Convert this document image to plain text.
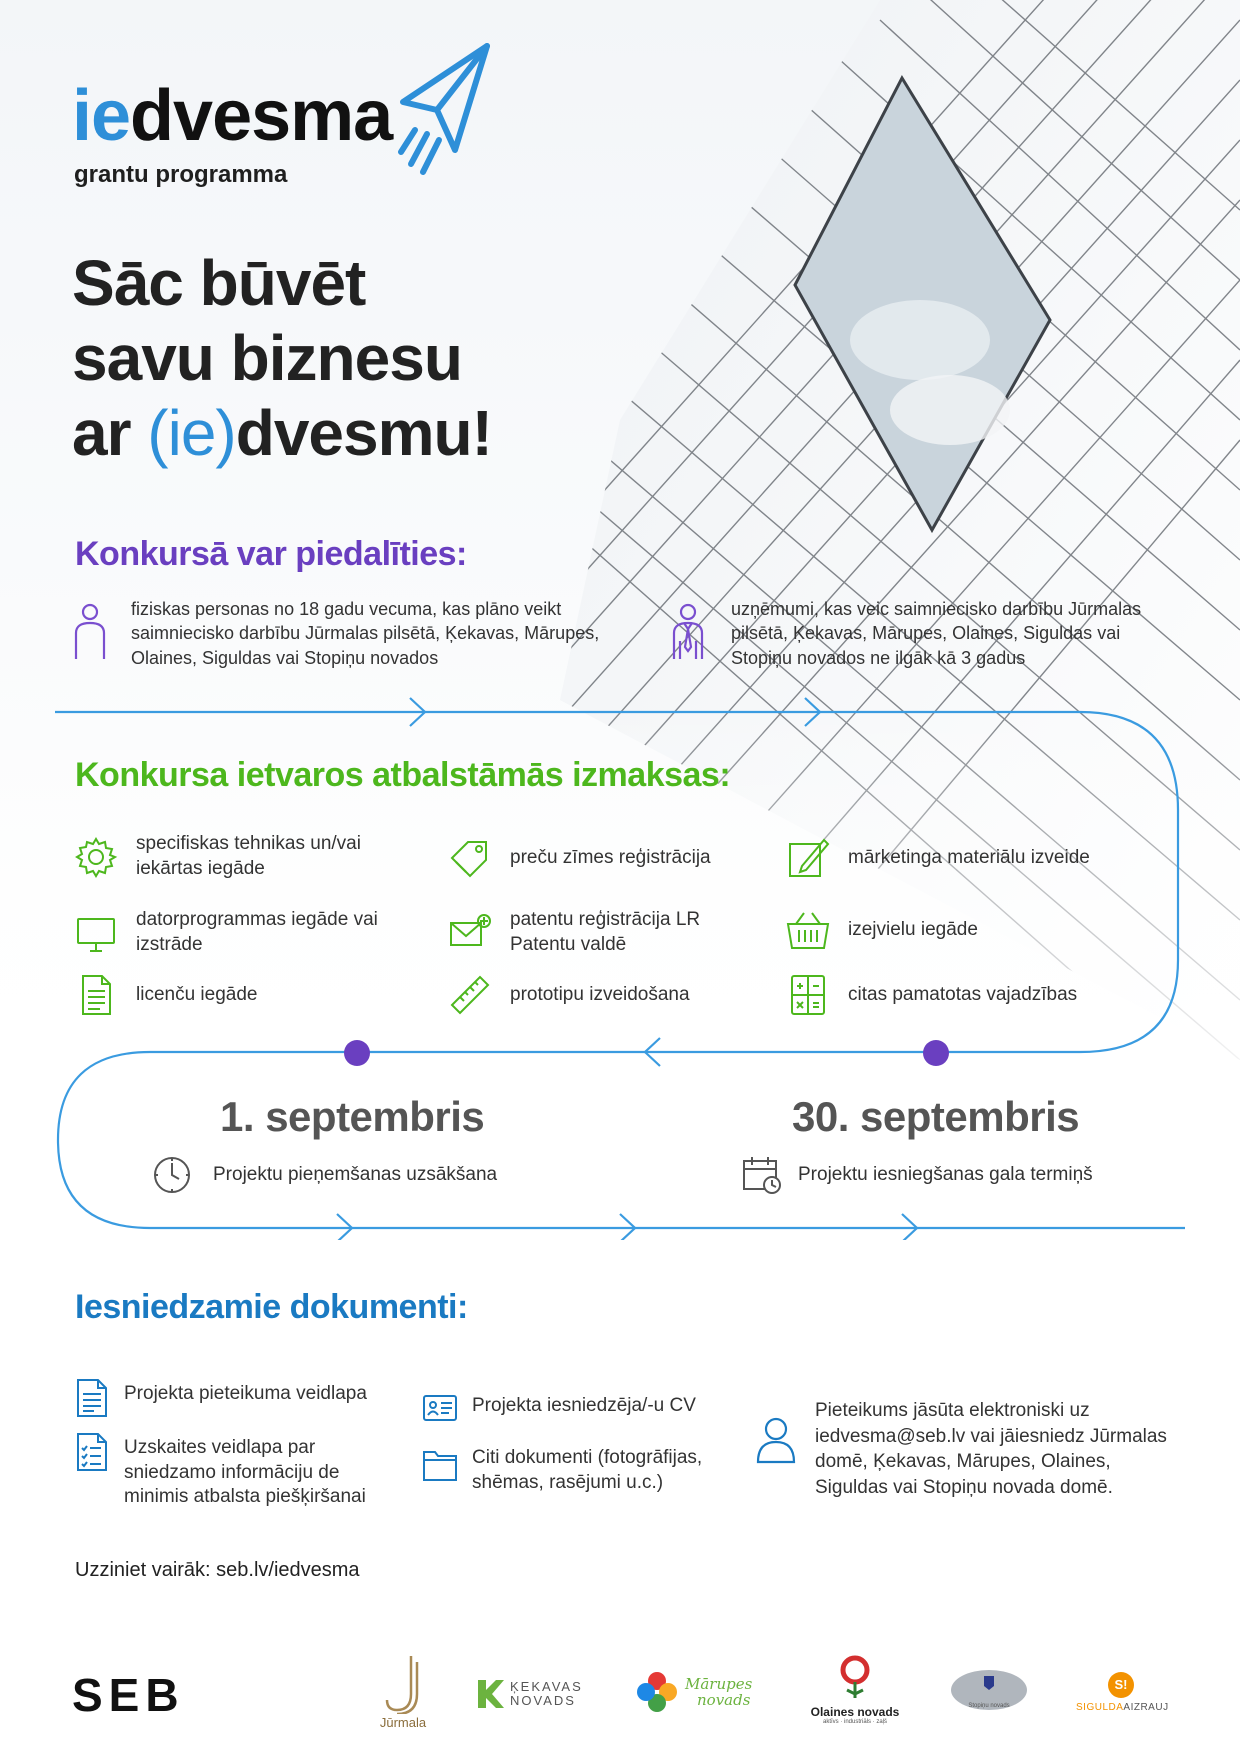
iedvesma
grantu programma
Sāc būvēt
savu biznesu
ar (ie)dvesmu!
Konkursā var piedalīties:
fiziskas personas no 18 gadu vecuma, kas plāno veikt saimniecisko darbību Jūrmalas pilsētā, Ķekavas, Mārupes, Olaines, Siguldas vai Stopiņu novados
uzņēmumi, kas veic saimniecisko darbību Jūrmalas pilsētā, Ķekavas, Mārupes, Olaines, Siguldas vai Stopiņu novados ne ilgāk kā 3 gadus
Konkursa ietvaros atbalstāmās izmaksas:
specifiskas tehnikas un/vai iekārtas iegāde
datorprogrammas iegāde vai izstrāde
licenču iegāde
preču zīmes reģistrācija
patentu reģistrācija LR Patentu valdē
prototipu izveidošana
mārketinga materiālu izveide
izejvielu iegāde
citas pamatotas vajadzības
1. septembris
Projektu pieņemšanas uzsākšana
30. septembris
Projektu iesniegšanas gala termiņš
Iesniedzamie dokumenti:
Projekta pieteikuma veidlapa
Uzskaites veidlapa par sniedzamo informāciju de minimis atbalsta piešķiršanai
Projekta iesniedzēja/-u CV
Citi dokumenti (fotogrāfijas, shēmas, rasējumi u.c.)
Pieteikums jāsūta elektroniski uz iedvesma@seb.lv vai jāiesniedz Jūrmalas domē, Ķekavas, Mārupes, Olaines, Siguldas vai Stopiņu novada domē.
Uzziniet vairāk: seb.lv/iedvesma
SEB
Jūrmala
ĶEKAVAS
NOVADS
Mārupes
novads
Olaines novads
aktīvs · industriāls · zaļš
Stopiņu novads
S!
SIGULDAAIZRAUJ
